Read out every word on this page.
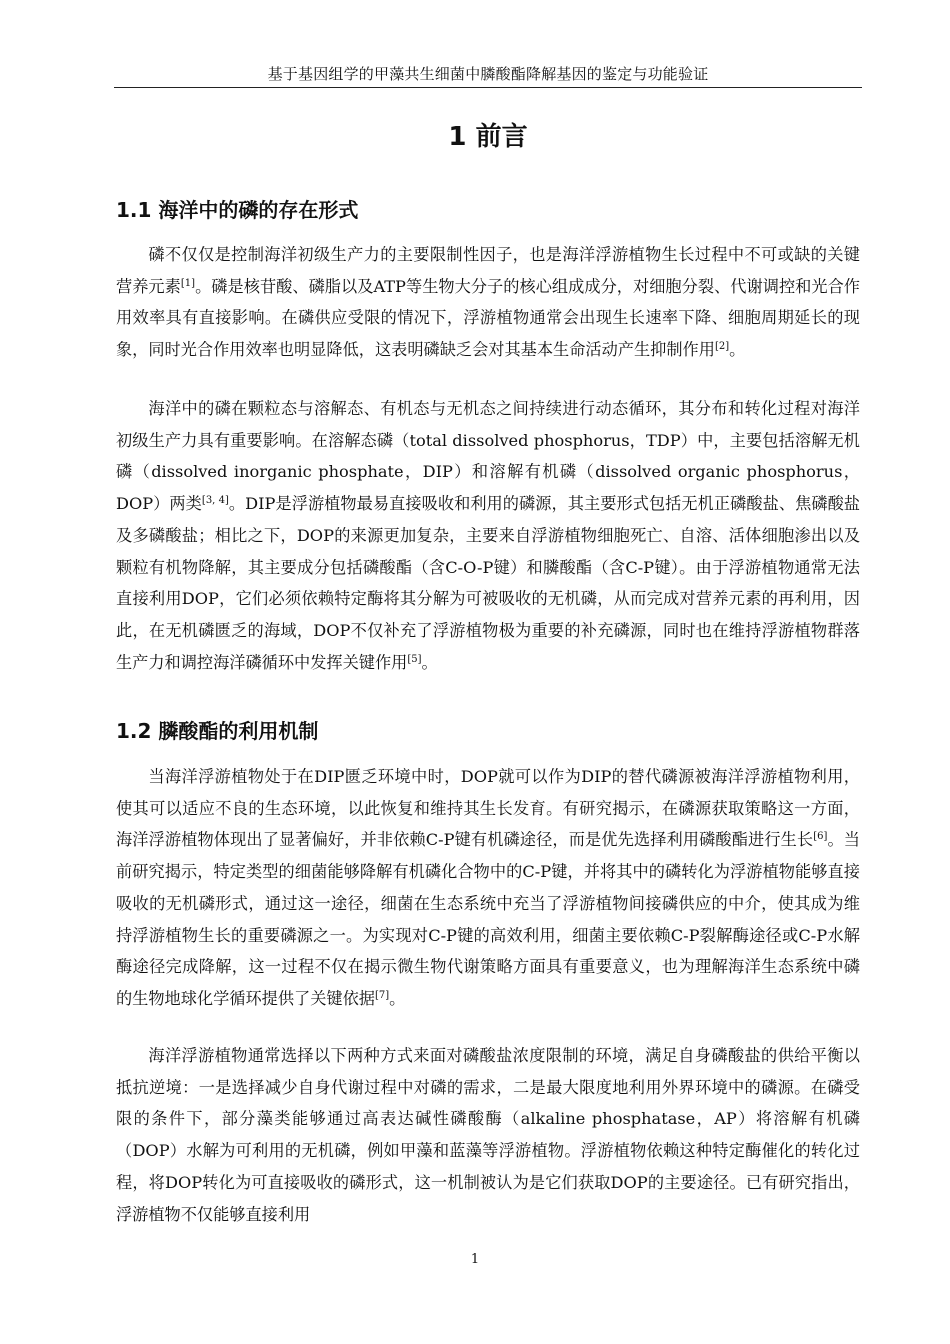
基于基因组学的甲藻共生细菌中膦酸酯降解基因的鉴定与功能验证
1 前言
1.1 海洋中的磷的存在形式

磷不仅仅是控制海洋初级生产力的主要限制性因子，也是海洋浮游植物生长过程中不可或缺的关键营养元素[1]。磷是核苷酸、磷脂以及ATP等生物大分子的核心组成成分，对细胞分裂、代谢调控和光合作用效率具有直接影响。在磷供应受限的情况下，浮游植物通常会出现生长速率下降、细胞周期延长的现象，同时光合作用效率也明显降低，这表明磷缺乏会对其基本生命活动产生抑制作用[2]。

海洋中的磷在颗粒态与溶解态、有机态与无机态之间持续进行动态循环，其分布和转化过程对海洋初级生产力具有重要影响。在溶解态磷（total dissolved phosphorus，TDP）中，主要包括溶解无机磷（dissolved inorganic phosphate，DIP）和溶解有机磷（dissolved organic phosphorus，DOP）两类[3, 4]。DIP是浮游植物最易直接吸收和利用的磷源，其主要形式包括无机正磷酸盐、焦磷酸盐及多磷酸盐；相比之下，DOP的来源更加复杂，主要来自浮游植物细胞死亡、自溶、活体细胞渗出以及颗粒有机物降解，其主要成分包括磷酸酯（含C-O-P键）和膦酸酯（含C-P键）。由于浮游植物通常无法直接利用DOP，它们必须依赖特定酶将其分解为可被吸收的无机磷，从而完成对营养元素的再利用，因此，在无机磷匮乏的海域，DOP不仅补充了浮游植物极为重要的补充磷源，同时也在维持浮游植物群落生产力和调控海洋磷循环中发挥关键作用[5]。

1.2 膦酸酯的利用机制

当海洋浮游植物处于在DIP匮乏环境中时，DOP就可以作为DIP的替代磷源被海洋浮游植物利用，使其可以适应不良的生态环境，以此恢复和维持其生长发育。有研究揭示，在磷源获取策略这一方面，海洋浮游植物体现出了显著偏好，并非依赖C-P键有机磷途径，而是优先选择利用磷酸酯进行生长[6]。当前研究揭示，特定类型的细菌能够降解有机磷化合物中的C-P键，并将其中的磷转化为浮游植物能够直接吸收的无机磷形式，通过这一途径，细菌在生态系统中充当了浮游植物间接磷供应的中介，使其成为维持浮游植物生长的重要磷源之一。为实现对C-P键的高效利用，细菌主要依赖C-P裂解酶途径或C-P水解酶途径完成降解，这一过程不仅在揭示微生物代谢策略方面具有重要意义，也为理解海洋生态系统中磷的生物地球化学循环提供了关键依据[7]。

海洋浮游植物通常选择以下两种方式来面对磷酸盐浓度限制的环境，满足自身磷酸盐的供给平衡以抵抗逆境：一是选择减少自身代谢过程中对磷的需求，二是最大限度地利用外界环境中的磷源。在磷受限的条件下，部分藻类能够通过高表达碱性磷酸酶（alkaline phosphatase，AP）将溶解有机磷（DOP）水解为可利用的无机磷，例如甲藻和蓝藻等浮游植物。浮游植物依赖这种特定酶催化的转化过程，将DOP转化为可直接吸收的磷形式，这一机制被认为是它们获取DOP的主要途径。已有研究指出，浮游植物不仅能够直接利用

1
